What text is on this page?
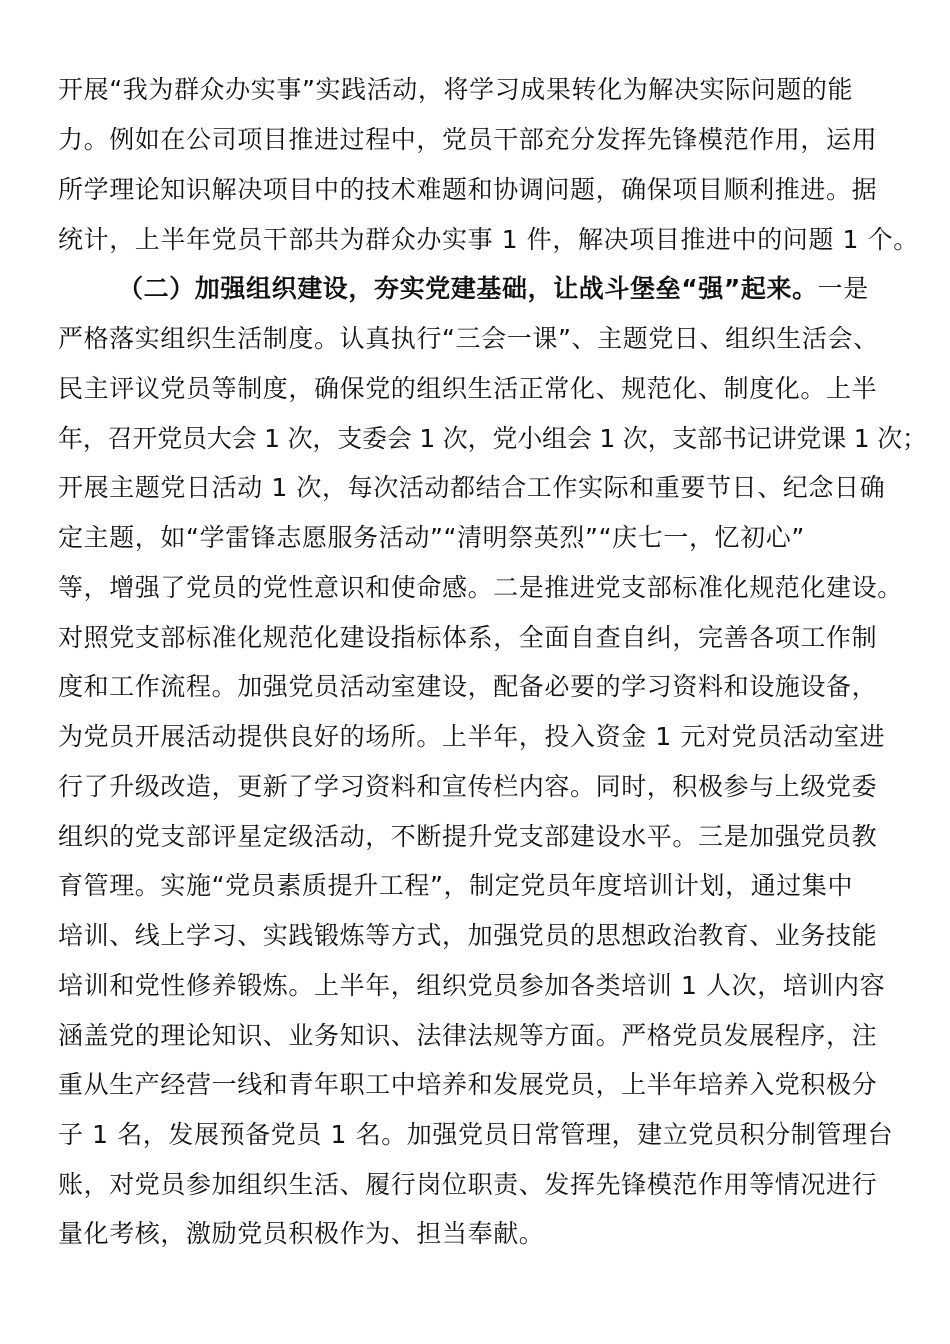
开展“我为群众办实事”实践活动，将学习成果转化为解决实际问题的能
力。例如在公司项目推进过程中，党员干部充分发挥先锋模范作用，运用
所学理论知识解决项目中的技术难题和协调问题，确保项目顺利推进。据
统计，上半年党员干部共为群众办实事 1 件，解决项目推进中的问题 1 个。
（二）加强组织建设，夯实党建基础，让战斗堡垒“强”起来。一是
严格落实组织生活制度。认真执行“三会一课”、主题党日、组织生活会、
民主评议党员等制度，确保党的组织生活正常化、规范化、制度化。上半
年，召开党员大会 1 次，支委会 1 次，党小组会 1 次，支部书记讲党课 1 次；
开展主题党日活动 1 次，每次活动都结合工作实际和重要节日、纪念日确
定主题，如“学雷锋志愿服务活动”“清明祭英烈”“庆七一，忆初心”
等，增强了党员的党性意识和使命感。二是推进党支部标准化规范化建设。
对照党支部标准化规范化建设指标体系，全面自查自纠，完善各项工作制
度和工作流程。加强党员活动室建设，配备必要的学习资料和设施设备，
为党员开展活动提供良好的场所。上半年，投入资金 1 元对党员活动室进
行了升级改造，更新了学习资料和宣传栏内容。同时，积极参与上级党委
组织的党支部评星定级活动，不断提升党支部建设水平。三是加强党员教
育管理。实施“党员素质提升工程”，制定党员年度培训计划，通过集中
培训、线上学习、实践锻炼等方式，加强党员的思想政治教育、业务技能
培训和党性修养锻炼。上半年，组织党员参加各类培训 1 人次，培训内容
涵盖党的理论知识、业务知识、法律法规等方面。严格党员发展程序，注
重从生产经营一线和青年职工中培养和发展党员，上半年培养入党积极分
子 1 名，发展预备党员 1 名。加强党员日常管理，建立党员积分制管理台
账，对党员参加组织生活、履行岗位职责、发挥先锋模范作用等情况进行
量化考核，激励党员积极作为、担当奉献。
